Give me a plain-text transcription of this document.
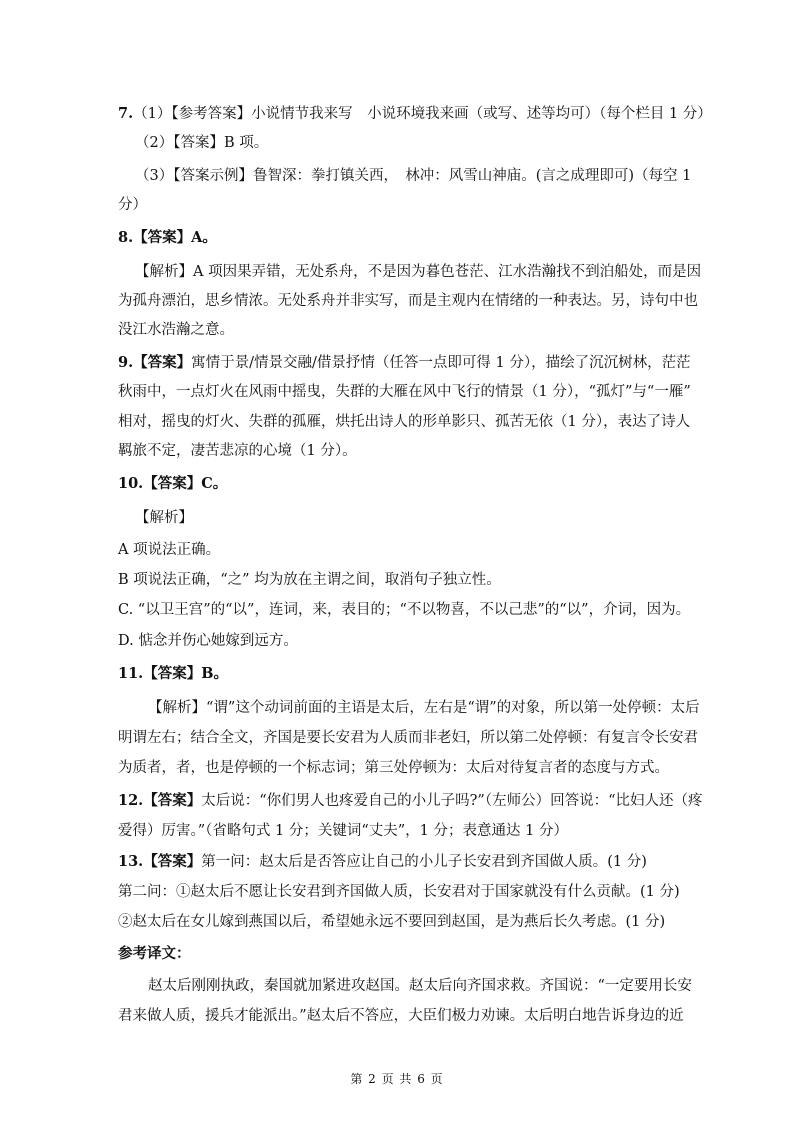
7.（1）【参考答案】小说情节我来写　小说环境我来画（或写、述等均可）（每个栏目 1 分）
（2）【答案】B 项。
（3）【答案示例】鲁智深：拳打镇关西，　林冲：风雪山神庙。(言之成理即可)（每空 1
分）
8.【答案】A。
【解析】A 项因果弄错，无处系舟，不是因为暮色苍茫、江水浩瀚找不到泊船处，而是因
为孤舟漂泊，思乡情浓。无处系舟并非实写，而是主观内在情绪的一种表达。另，诗句中也
没江水浩瀚之意。
9.【答案】寓情于景/情景交融/借景抒情（任答一点即可得 1 分），描绘了沉沉树林，茫茫
秋雨中，一点灯火在风雨中摇曳，失群的大雁在风中飞行的情景（1 分），“孤灯”与“一雁”
相对，摇曳的灯火、失群的孤雁，烘托出诗人的形单影只、孤苦无依（1 分），表达了诗人
羁旅不定，凄苦悲凉的心境（1 分）。
10.【答案】C。
【解析】
A 项说法正确。
B 项说法正确，“之” 均为放在主谓之间，取消句子独立性。
C. “以卫王宫”的“以”，连词，来，表目的；“不以物喜，不以己悲”的“以”，介词，因为。
D. 惦念并伤心她嫁到远方。
11.【答案】B。
【解析】“谓”这个动词前面的主语是太后，左右是“谓”的对象，所以第一处停顿：太后
明谓左右；结合全文，齐国是要长安君为人质而非老妇，所以第二处停顿：有复言令长安君
为质者，者，也是停顿的一个标志词；第三处停顿为：太后对待复言者的态度与方式。
12.【答案】太后说：“你们男人也疼爱自己的小儿子吗?”（左师公）回答说：“比妇人还（疼
爱得）厉害。”（省略句式 1 分；关键词“丈夫”，1 分；表意通达 1 分）
13.【答案】第一问：赵太后是否答应让自己的小儿子长安君到齐国做人质。(1 分)
第二问：①赵太后不愿让长安君到齐国做人质，长安君对于国家就没有什么贡献。(1 分)
②赵太后在女儿嫁到燕国以后，希望她永远不要回到赵国，是为燕后长久考虑。(1 分)
参考译文：
赵太后刚刚执政，秦国就加紧进攻赵国。赵太后向齐国求救。齐国说：“一定要用长安
君来做人质，援兵才能派出。”赵太后不答应，大臣们极力劝谏。太后明白地告诉身边的近
第 2 页 共 6 页
